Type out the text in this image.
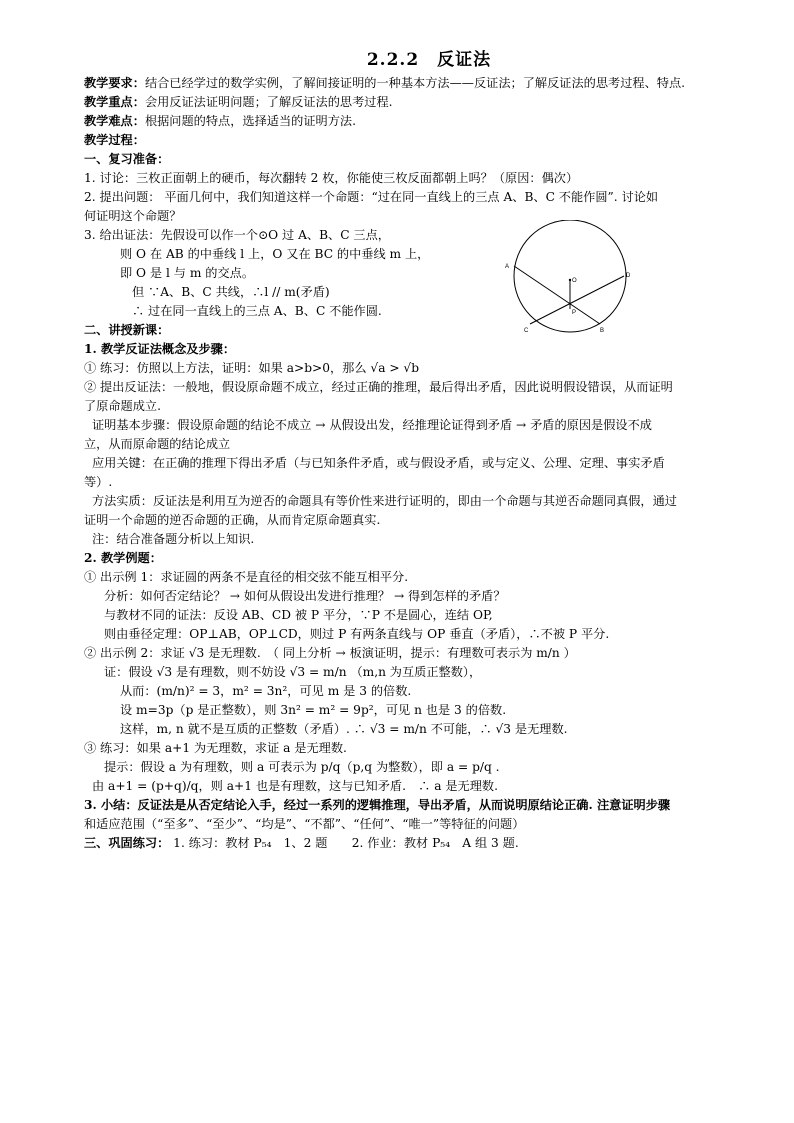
2.2.2　反证法
教学要求：结合已经学过的数学实例，了解间接证明的一种基本方法——反证法；了解反证法的思考过程、特点.
教学重点：会用反证法证明问题；了解反证法的思考过程.
教学难点：根据问题的特点，选择适当的证明方法.
教学过程：
一、复习准备：
1. 讨论：三枚正面朝上的硬币，每次翻转 2 枚，你能使三枚反面都朝上吗？（原因：偶次）
2. 提出问题： 平面几何中，我们知道这样一个命题：“过在同一直线上的三点 A、B、C 不能作圆”. 讨论如
何证明这个命题？
3. 给出证法：先假设可以作一个⊙O 过 A、B、C 三点，
则 O 在 AB 的中垂线 l 上，O 又在 BC 的中垂线 m 上，
即 O 是 l 与 m 的交点。
但 ∵A、B、C 共线，∴l // m(矛盾)
∴ 过在同一直线上的三点 A、B、C 不能作圆.
二、讲授新课：
1. 教学反证法概念及步骤：
① 练习：仿照以上方法，证明：如果 a>b>0，那么 √a > √b
② 提出反证法：一般地，假设原命题不成立，经过正确的推理，最后得出矛盾，因此说明假设错误，从而证明
了原命题成立.
证明基本步骤：假设原命题的结论不成立 → 从假设出发，经推理论证得到矛盾 → 矛盾的原因是假设不成
立，从而原命题的结论成立
应用关键：在正确的推理下得出矛盾（与已知条件矛盾，或与假设矛盾，或与定义、公理、定理、事实矛盾
等）.
方法实质：反证法是利用互为逆否的命题具有等价性来进行证明的，即由一个命题与其逆否命题同真假，通过
证明一个命题的逆否命题的正确，从而肯定原命题真实.
注：结合准备题分析以上知识.
2. 教学例题：
① 出示例 1：求证圆的两条不是直径的相交弦不能互相平分.
分析：如何否定结论？ → 如何从假设出发进行推理？ → 得到怎样的矛盾？
与教材不同的证法：反设 AB、CD 被 P 平分，∵P 不是圆心，连结 OP,
则由垂径定理：OP⊥AB，OP⊥CD，则过 P 有两条直线与 OP 垂直（矛盾），∴不被 P 平分.
② 出示例 2：求证 √3 是无理数.　（ 同上分析 → 板演证明，提示：有理数可表示为 m/n ）
证：假设 √3 是有理数，则不妨设 √3 = m/n （m,n 为互质正整数），
从而：(m/n)² = 3，m² = 3n²，可见 m 是 3 的倍数.
设 m=3p（p 是正整数），则 3n² = m² = 9p²，可见 n 也是 3 的倍数.
这样，m, n 就不是互质的正整数（矛盾）. ∴ √3 = m/n 不可能，∴ √3 是无理数.
③ 练习：如果 a+1 为无理数，求证 a 是无理数.
提示：假设 a 为有理数，则 a 可表示为 p/q（p,q 为整数），即 a = p/q .
由 a+1 = (p+q)/q，则 a+1 也是有理数，这与已知矛盾.　∴ a 是无理数.
3. 小结：反证法是从否定结论入手，经过一系列的逻辑推理，导出矛盾，从而说明原结论正确. 注意证明步骤
和适应范围（“至多”、“至少”、“均是”、“不都”、“任何”、“唯一”等特征的问题）
三、巩固练习： 1. 练习：教材 P₅₄　1、2 题　　2. 作业：教材 P₅₄　A 组 3 题.
A
B
C
D
O
P
